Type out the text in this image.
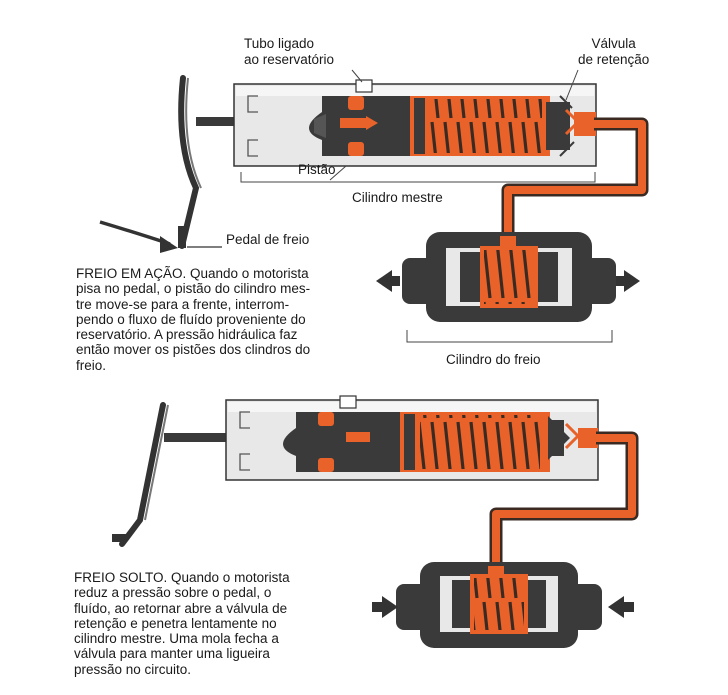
Tubo ligado
ao reservatório
Válvula
de retenção
Pistão
Cilindro mestre
Pedal de freio
Cilindro do freio
FREIO EM AÇÃO. Quando o motorista
pisa no pedal, o pistão do cilindro mes-
tre move-se para a frente, interrom-
pendo o fluxo de fluído proveniente do
reservatório. A pressão hidráulica faz
então mover os pistões dos clindros do
freio.
FREIO SOLTO. Quando o motorista
reduz a pressão sobre o pedal, o
fluído, ao retornar abre a válvula de
retenção e penetra lentamente no
cilindro mestre. Uma mola fecha a
válvula para manter uma ligueira
pressão no circuito.
